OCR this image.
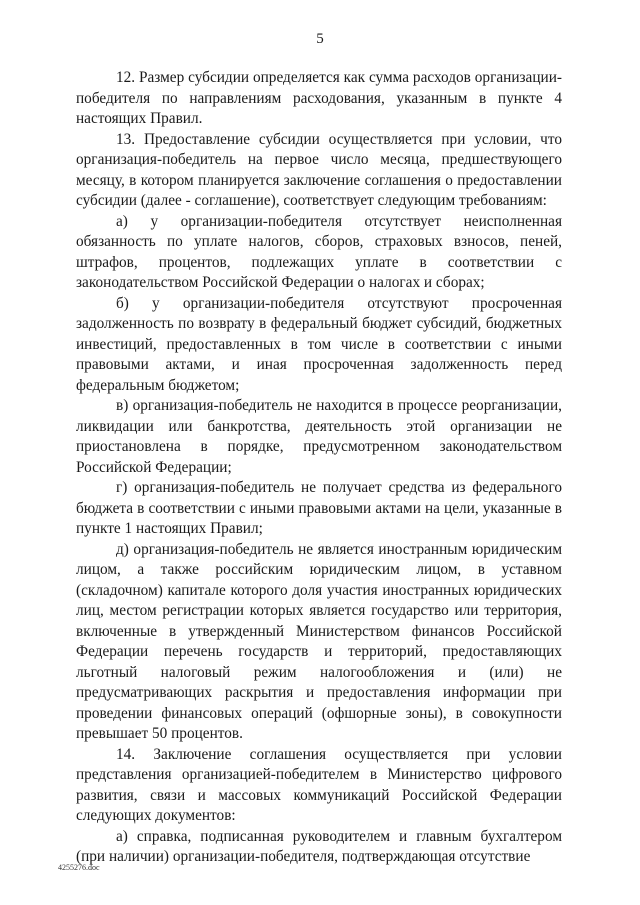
5

12. Размер субсидии определяется как сумма расходов организации-победителя по направлениям расходования, указанным в пункте 4 настоящих Правил.

13. Предоставление субсидии осуществляется при условии, что организация-победитель на первое число месяца, предшествующего месяцу, в котором планируется заключение соглашения о предоставлении субсидии (далее - соглашение), соответствует следующим требованиям:

а) у организации-победителя отсутствует неисполненная обязанность по уплате налогов, сборов, страховых взносов, пеней, штрафов, процентов, подлежащих уплате в соответствии с законодательством Российской Федерации о налогах и сборах;

б) у организации-победителя отсутствуют просроченная задолженность по возврату в федеральный бюджет субсидий, бюджетных инвестиций, предоставленных в том числе в соответствии с иными правовыми актами, и иная просроченная задолженность перед федеральным бюджетом;

в) организация-победитель не находится в процессе реорганизации, ликвидации или банкротства, деятельность этой организации не приостановлена в порядке, предусмотренном законодательством Российской Федерации;

г) организация-победитель не получает средства из федерального бюджета в соответствии с иными правовыми актами на цели, указанные в пункте 1 настоящих Правил;

д) организация-победитель не является иностранным юридическим лицом, а также российским юридическим лицом, в уставном (складочном) капитале которого доля участия иностранных юридических лиц, местом регистрации которых является государство или территория, включенные в утвержденный Министерством финансов Российской Федерации перечень государств и территорий, предоставляющих льготный налоговый режим налогообложения и (или) не предусматривающих раскрытия и предоставления информации при проведении финансовых операций (офшорные зоны), в совокупности превышает 50 процентов.

14. Заключение соглашения осуществляется при условии представления организацией-победителем в Министерство цифрового развития, связи и массовых коммуникаций Российской Федерации следующих документов:

а) справка, подписанная руководителем и главным бухгалтером (при наличии) организации-победителя, подтверждающая отсутствие

4255276.doc
